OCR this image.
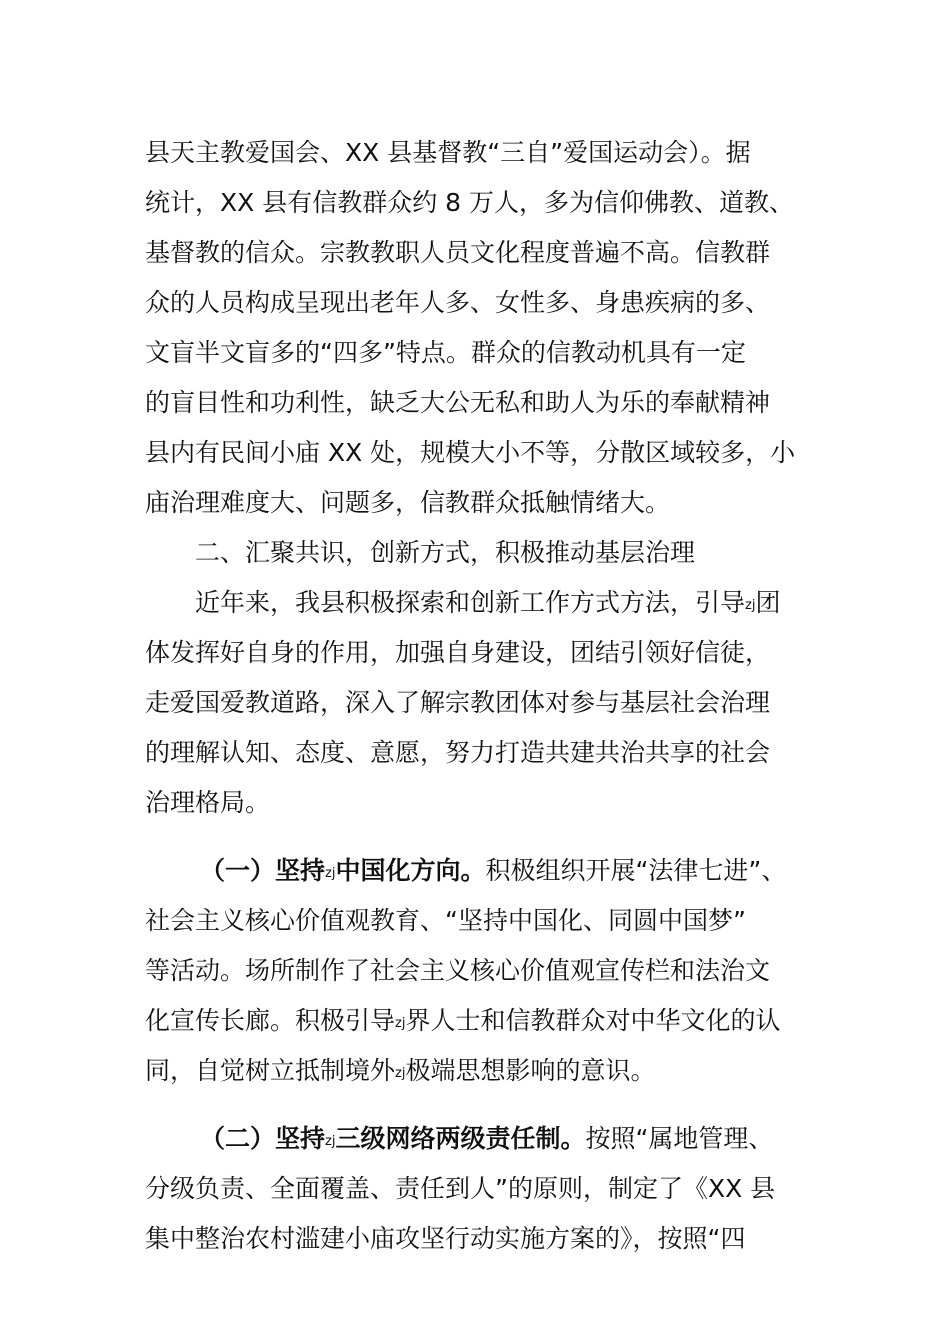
县天主教爱国会、XX 县基督教“三自”爱国运动会）。据
统计，XX 县有信教群众约 8 万人，多为信仰佛教、道教、
基督教的信众。宗教教职人员文化程度普遍不高。信教群
众的人员构成呈现出老年人多、女性多、身患疾病的多、
文盲半文盲多的“四多”特点。群众的信教动机具有一定
的盲目性和功利性，缺乏大公无私和助人为乐的奉献精神
县内有民间小庙 XX 处，规模大小不等，分散区域较多，小
庙治理难度大、问题多，信教群众抵触情绪大。
二、汇聚共识，创新方式，积极推动基层治理
近年来，我县积极探索和创新工作方式方法，引导zj团
体发挥好自身的作用，加强自身建设，团结引领好信徒，
走爱国爱教道路，深入了解宗教团体对参与基层社会治理
的理解认知、态度、意愿，努力打造共建共治共享的社会
治理格局。
（一）坚持zj中国化方向。积极组织开展“法律七进”、
社会主义核心价值观教育、“坚持中国化、同圆中国梦”
等活动。场所制作了社会主义核心价值观宣传栏和法治文
化宣传长廊。积极引导zj界人士和信教群众对中华文化的认
同，自觉树立抵制境外zj极端思想影响的意识。
（二）坚持zj三级网络两级责任制。按照“属地管理、
分级负责、全面覆盖、责任到人”的原则，制定了《XX 县
集中整治农村滥建小庙攻坚行动实施方案的》，按照“四
